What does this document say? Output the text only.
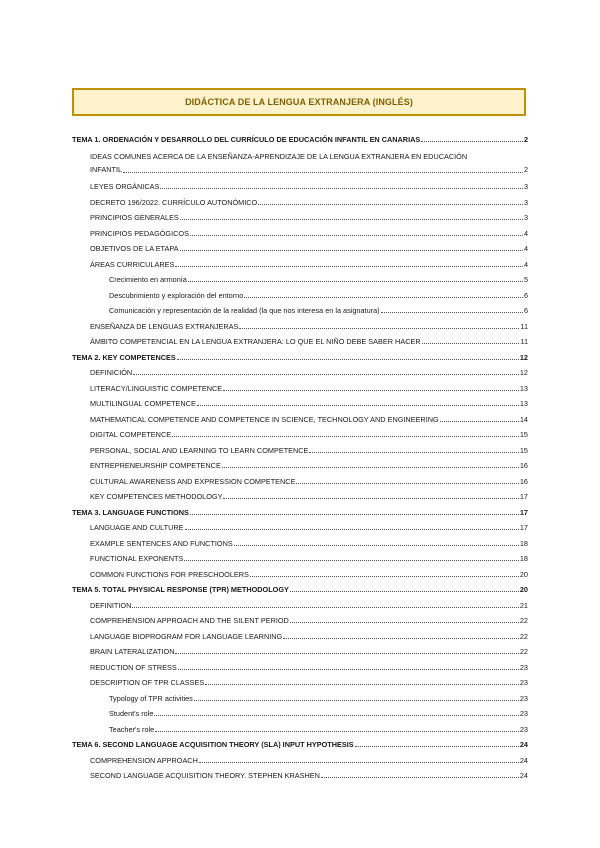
DIDÁCTICA DE LA LENGUA EXTRANJERA (INGLÉS)
TEMA 1. ORDENACIÓN Y DESARROLLO DEL CURRÍCULO DE EDUCACIÓN INFANTIL EN CANARIAS	2
IDEAS COMUNES ACERCA DE LA ENSEÑANZA-APRENDIZAJE DE LA LENGUA EXTRANJERA EN EDUCACIÓN
INFANTIL	2
LEYES ORGÁNICAS	3
DECRETO 196/2022. CURRÍCULO AUTONÓMICO	3
PRINCIPIOS GENERALES	3
PRINCIPIOS PEDAGÓGICOS	4
OBJETIVOS DE LA ETAPA	4
ÁREAS CURRICULARES	4
Crecimiento en armonía	5
Descubrimiento y exploración del entorno	6
Comunicación y representación de la realidad (la que nos interesa en la asignatura)	6
ENSEÑANZA DE LENGUAS EXTRANJERAS	11
ÁMBITO COMPETENCIAL EN LA LENGUA EXTRANJERA: LO QUE EL NIÑO DEBE SABER HACER	11
TEMA 2. KEY COMPETENCES	12
DEFINICIÓN	12
LITERACY/LINGUISTIC COMPETENCE	13
MULTILINGUAL COMPETENCE	13
MATHEMATICAL COMPETENCE AND COMPETENCE IN SCIENCE, TECHNOLOGY AND ENGINEERING	14
DIGITAL COMPETENCE	15
PERSONAL, SOCIAL AND LEARNING TO LEARN COMPETENCE	15
ENTREPRENEURSHIP COMPETENCE	16
CULTURAL AWARENESS AND EXPRESSION COMPETENCE	16
KEY COMPETENCES METHODOLOGY	17
TEMA 3. LANGUAGE FUNCTIONS	17
LANGUAGE AND CULTURE	17
EXAMPLE SENTENCES AND FUNCTIONS	18
FUNCTIONAL EXPONENTS	18
COMMON FUNCTIONS FOR PRESCHOOLERS	20
TEMA 5. TOTAL PHYSICAL RESPONSE (TPR) METHODOLOGY	20
DEFINITION	21
COMPREHENSION APPROACH AND THE SILENT PERIOD	22
LANGUAGE BIOPROGRAM FOR LANGUAGE LEARNING	22
BRAIN LATERALIZATION	22
REDUCTION OF STRESS	23
DESCRIPTION OF TPR CLASSES	23
Typology of TPR activities	23
Student's role	23
Teacher's role	23
TEMA 6. SECOND LANGUAGE ACQUISITION THEORY (SLA) INPUT HYPOTHESIS	24
COMPREHENSION APPROACH	24
SECOND LANGUAGE ACQUISITION THEORY. STEPHEN KRASHEN	24
